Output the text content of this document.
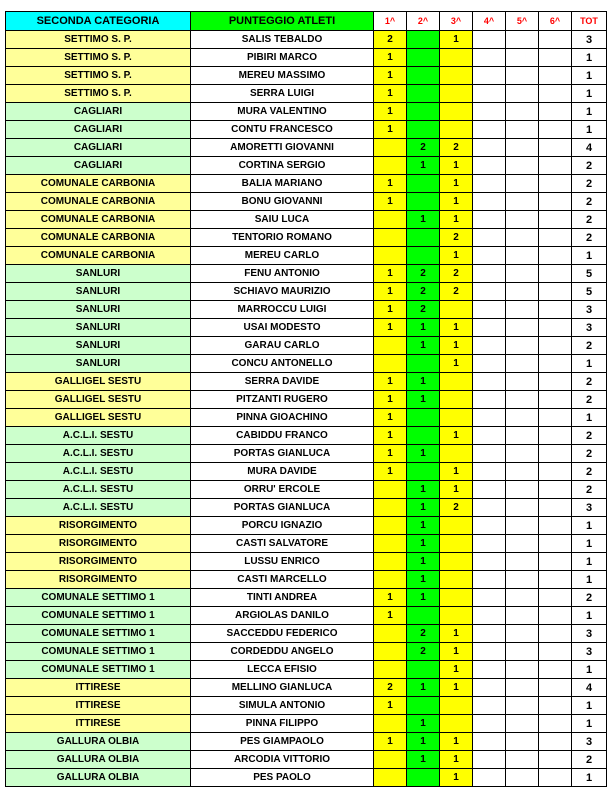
SECONDA CATEGORIA	PUNTEGGIO ATLETI	1^	2^	3^	4^	5^	6^	TOT
SETTIMO S. P.	SALIS TEBALDO	2		1				3
SETTIMO S. P.	PIBIRI MARCO	1						1
SETTIMO S. P.	MEREU MASSIMO	1						1
SETTIMO S. P.	SERRA LUIGI	1						1
CAGLIARI	MURA VALENTINO	1						1
CAGLIARI	CONTU FRANCESCO	1						1
CAGLIARI	AMORETTI GIOVANNI		2	2				4
CAGLIARI	CORTINA SERGIO		1	1				2
COMUNALE CARBONIA	BALIA MARIANO	1		1				2
COMUNALE CARBONIA	BONU GIOVANNI	1		1				2
COMUNALE CARBONIA	SAIU LUCA		1	1				2
COMUNALE CARBONIA	TENTORIO ROMANO			2				2
COMUNALE CARBONIA	MEREU CARLO			1				1
SANLURI	FENU ANTONIO	1	2	2				5
SANLURI	SCHIAVO MAURIZIO	1	2	2				5
SANLURI	MARROCCU LUIGI	1	2					3
SANLURI	USAI MODESTO	1	1	1				3
SANLURI	GARAU CARLO		1	1				2
SANLURI	CONCU ANTONELLO			1				1
GALLIGEL SESTU	SERRA DAVIDE	1	1					2
GALLIGEL SESTU	PITZANTI RUGERO	1	1					2
GALLIGEL SESTU	PINNA GIOACHINO	1						1
A.C.L.I. SESTU	CABIDDU FRANCO	1		1				2
A.C.L.I. SESTU	PORTAS GIANLUCA	1	1					2
A.C.L.I. SESTU	MURA DAVIDE	1		1				2
A.C.L.I. SESTU	ORRU' ERCOLE		1	1				2
A.C.L.I. SESTU	PORTAS GIANLUCA		1	2				3
RISORGIMENTO	PORCU IGNAZIO		1					1
RISORGIMENTO	CASTI SALVATORE		1					1
RISORGIMENTO	LUSSU ENRICO		1					1
RISORGIMENTO	CASTI MARCELLO		1					1
COMUNALE SETTIMO 1	TINTI ANDREA	1	1					2
COMUNALE SETTIMO 1	ARGIOLAS DANILO	1						1
COMUNALE SETTIMO 1	SACCEDDU FEDERICO		2	1				3
COMUNALE SETTIMO 1	CORDEDDU ANGELO		2	1				3
COMUNALE SETTIMO 1	LECCA EFISIO			1				1
ITTIRESE	MELLINO GIANLUCA	2	1	1				4
ITTIRESE	SIMULA ANTONIO	1						1
ITTIRESE	PINNA FILIPPO		1					1
GALLURA OLBIA	PES GIAMPAOLO	1	1	1				3
GALLURA OLBIA	ARCODIA VITTORIO		1	1				2
GALLURA OLBIA	PES PAOLO			1				1
